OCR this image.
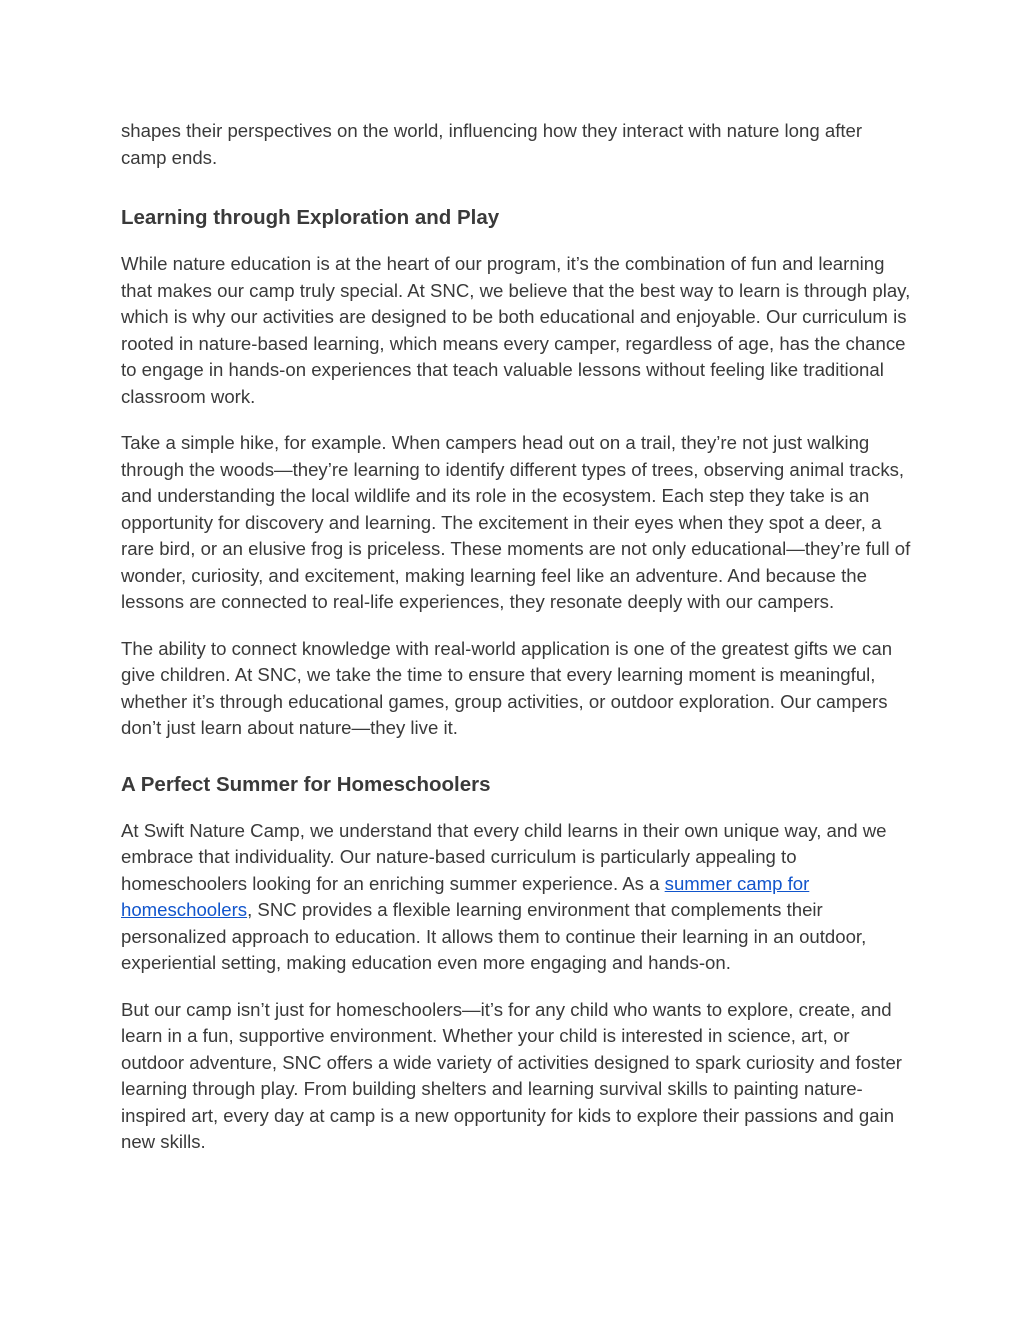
shapes their perspectives on the world, influencing how they interact with nature long after camp ends.

Learning through Exploration and Play

While nature education is at the heart of our program, it’s the combination of fun and learning that makes our camp truly special. At SNC, we believe that the best way to learn is through play, which is why our activities are designed to be both educational and enjoyable. Our curriculum is rooted in nature-based learning, which means every camper, regardless of age, has the chance to engage in hands-on experiences that teach valuable lessons without feeling like traditional classroom work.

Take a simple hike, for example. When campers head out on a trail, they’re not just walking through the woods—they’re learning to identify different types of trees, observing animal tracks, and understanding the local wildlife and its role in the ecosystem. Each step they take is an opportunity for discovery and learning. The excitement in their eyes when they spot a deer, a rare bird, or an elusive frog is priceless. These moments are not only educational—they’re full of wonder, curiosity, and excitement, making learning feel like an adventure. And because the lessons are connected to real-life experiences, they resonate deeply with our campers.

The ability to connect knowledge with real-world application is one of the greatest gifts we can give children. At SNC, we take the time to ensure that every learning moment is meaningful, whether it’s through educational games, group activities, or outdoor exploration. Our campers don’t just learn about nature—they live it.

A Perfect Summer for Homeschoolers

At Swift Nature Camp, we understand that every child learns in their own unique way, and we embrace that individuality. Our nature-based curriculum is particularly appealing to homeschoolers looking for an enriching summer experience. As a summer camp for homeschoolers, SNC provides a flexible learning environment that complements their personalized approach to education. It allows them to continue their learning in an outdoor, experiential setting, making education even more engaging and hands-on.

But our camp isn’t just for homeschoolers—it’s for any child who wants to explore, create, and learn in a fun, supportive environment. Whether your child is interested in science, art, or outdoor adventure, SNC offers a wide variety of activities designed to spark curiosity and foster learning through play. From building shelters and learning survival skills to painting nature-inspired art, every day at camp is a new opportunity for kids to explore their passions and gain new skills.
